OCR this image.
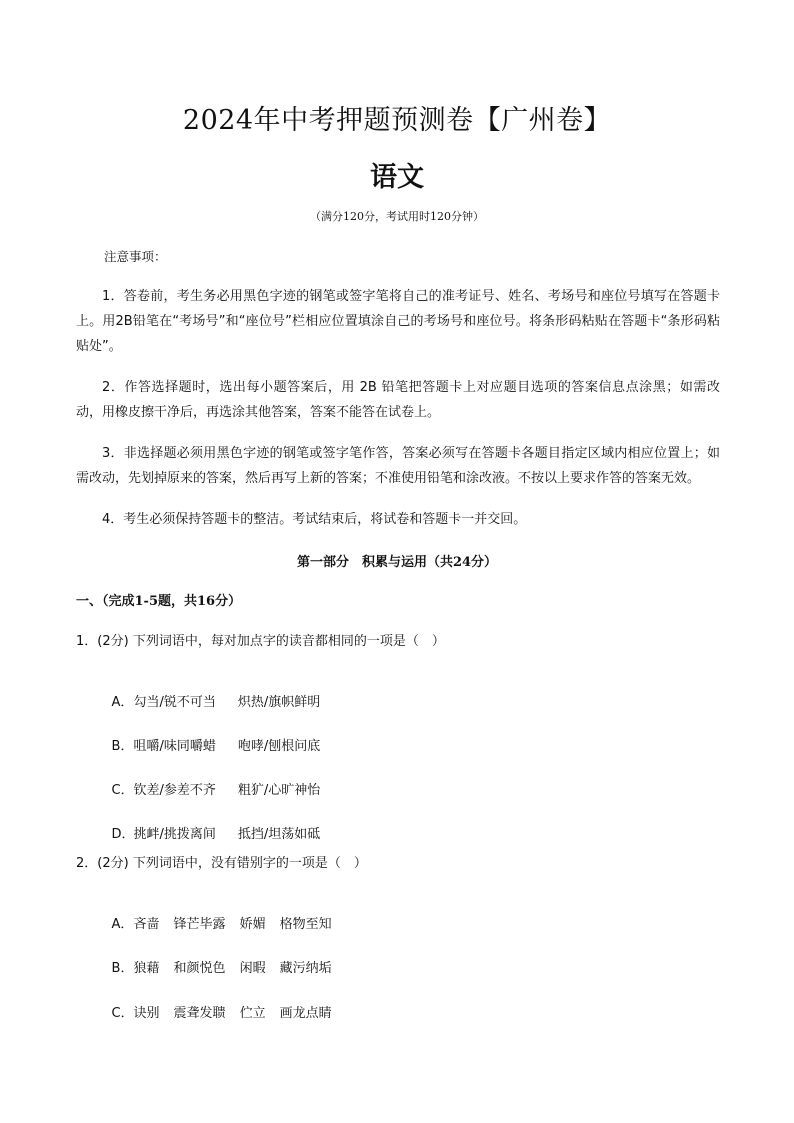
2024年中考押题预测卷【广州卷】
语文
（满分120分，考试用时120分钟）
注意事项：
1．答卷前，考生务必用黑色字迹的钢笔或签字笔将自己的准考证号、姓名、考场号和座位号填写在答题卡上。用2B铅笔在“考场号”和“座位号”栏相应位置填涂自己的考场号和座位号。将条形码粘贴在答题卡“条形码粘贴处”。
2．作答选择题时，选出每小题答案后，用 2B 铅笔把答题卡上对应题目选项的答案信息点涂黑；如需改动，用橡皮擦干净后，再选涂其他答案，答案不能答在试卷上。
3．非选择题必须用黑色字迹的钢笔或签字笔作答，答案必须写在答题卡各题目指定区域内相应位置上；如需改动，先划掉原来的答案，然后再写上新的答案；不准使用铅笔和涂改液。不按以上要求作答的答案无效。
4．考生必须保持答题卡的整洁。考试结束后，将试卷和答题卡一并交回。
第一部分　积累与运用（共24分）
一、（完成1-5题，共16分）
1．(2分) 下列词语中，每对加点字的读音都相同的一项是（　）

A．勾当/锐不可当 炽热/旗帜鲜明

B．咀嚼/味同嚼蜡 咆哮/刨根问底

C．钦差/参差不齐 粗犷/心旷神怡

D．挑衅/挑拨离间 抵挡/坦荡如砥

2．(2分) 下列词语中，没有错别字的一项是（　）

A．吝啬 锋芒毕露 娇媚 格物至知

B．狼藉 和颜悦色 闲暇 藏污纳垢

C．诀别 震聋发聩 伫立 画龙点睛
